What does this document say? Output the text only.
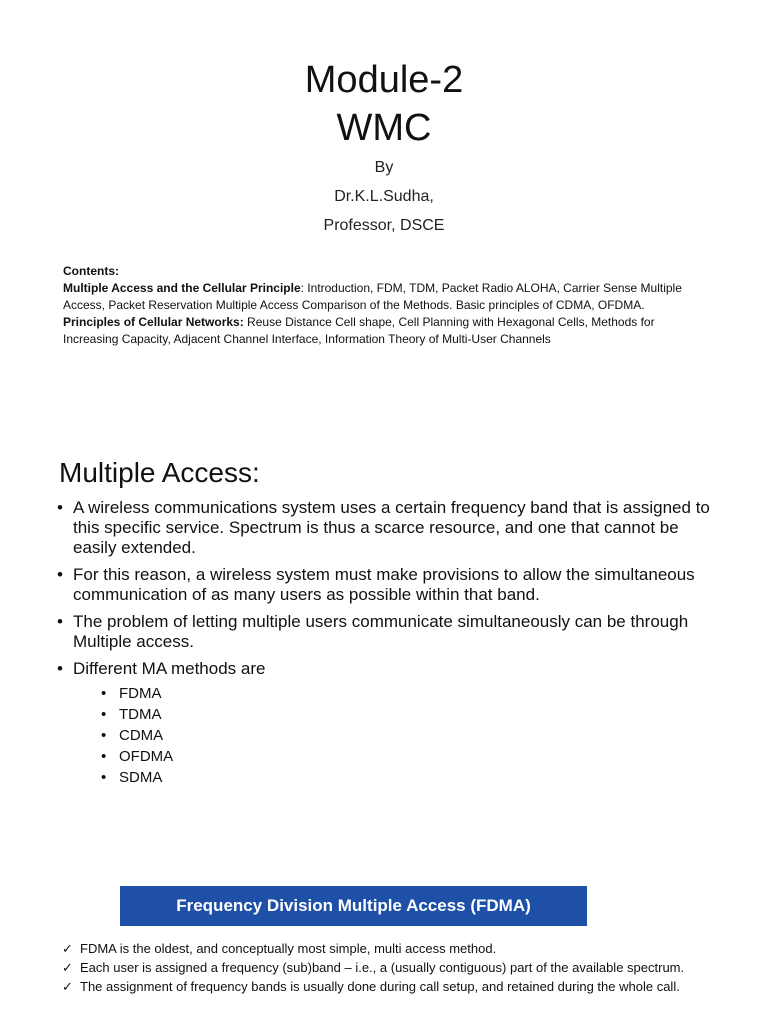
Module-2
WMC
By
Dr.K.L.Sudha,
Professor, DSCE

Contents:

Multiple Access and the Cellular Principle: Introduction, FDM, TDM, Packet Radio ALOHA, Carrier Sense Multiple Access, Packet Reservation Multiple Access Comparison of the Methods. Basic principles of CDMA, OFDMA.

Principles of Cellular Networks: Reuse Distance Cell shape, Cell Planning with Hexagonal Cells, Methods for Increasing Capacity, Adjacent Channel Interface, Information Theory of Multi-User Channels

Multiple Access:
• A wireless communications system uses a certain frequency band that is assigned to this specific service. Spectrum is thus a scarce resource, and one that cannot be easily extended.
• For this reason, a wireless system must make provisions to allow the simultaneous communication of as many users as possible within that band.
• The problem of letting multiple users communicate simultaneously can be through Multiple access.
• Different MA methods are
• FDMA
• TDMA
• CDMA
• OFDMA
• SDMA
Frequency Division Multiple Access (FDMA)
✓ FDMA is the oldest, and conceptually most simple, multi access method.
✓ Each user is assigned a frequency (sub)band – i.e., a (usually contiguous) part of the available spectrum.
✓ The assignment of frequency bands is usually done during call setup, and retained during the whole call.
